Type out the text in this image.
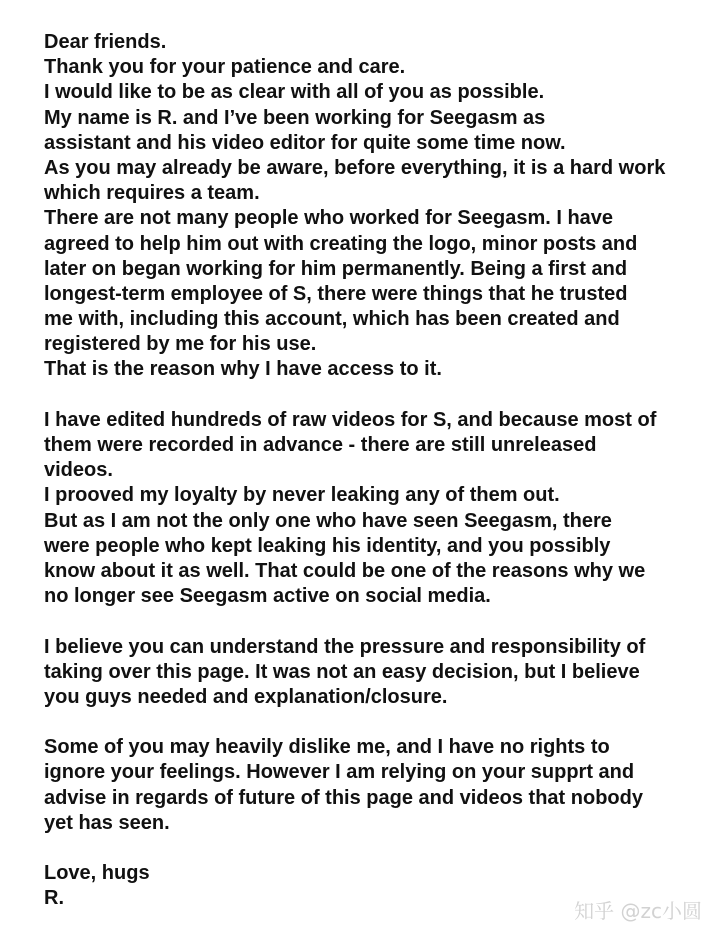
Dear friends.
Thank you for your patience and care.
I would like to be as clear with all of you as possible.
My name is R. and I’ve been working for Seegasm as
assistant and his video editor for quite some time now.
As you may already be aware, before everything, it is a hard work
which requires a team.
There are not many people who worked for Seegasm. I have
agreed to help him out with creating the logo, minor posts and
later on began working for him permanently. Being a first and
longest-term employee of S, there were things that he trusted
me with, including this account, which has been created and
registered by me for his use.
That is the reason why I have access to it.
I have edited hundreds of raw videos for S, and because most of
them were recorded in advance - there are still unreleased
videos.
I prooved my loyalty by never leaking any of them out.
But as I am not the only one who have seen Seegasm, there
were people who kept leaking his identity, and you possibly
know about it as well. That could be one of the reasons why we
no longer see Seegasm active on social media.
I believe you can understand the pressure and responsibility of
taking over this page. It was not an easy decision, but I believe
you guys needed and explanation/closure.
Some of you may heavily dislike me, and I have no rights to
ignore your feelings. However I am relying on your supprt and
advise in regards of future of this page and videos that nobody
yet has seen.
Love, hugs
R.
知乎 @zc小圆
